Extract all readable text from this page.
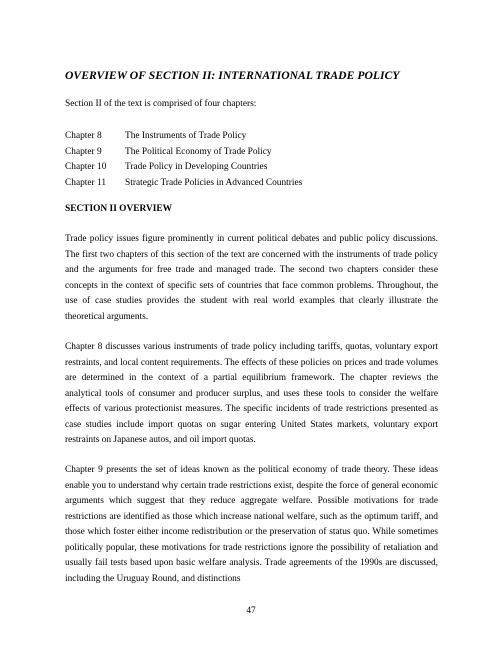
OVERVIEW OF SECTION II: INTERNATIONAL TRADE POLICY
Section II of the text is comprised of four chapters:
Chapter 8	The Instruments of Trade Policy
Chapter 9	The Political Economy of Trade Policy
Chapter 10	Trade Policy in Developing Countries
Chapter 11	Strategic Trade Policies in Advanced Countries
SECTION II OVERVIEW

Trade policy issues figure prominently in current political debates and public policy discussions. The first two chapters of this section of the text are concerned with the instruments of trade policy and the arguments for free trade and managed trade. The second two chapters consider these concepts in the context of specific sets of countries that face common problems. Throughout, the use of case studies provides the student with real world examples that clearly illustrate the theoretical arguments.

Chapter 8 discusses various instruments of trade policy including tariffs, quotas, voluntary export restraints, and local content requirements. The effects of these policies on prices and trade volumes are determined in the context of a partial equilibrium framework. The chapter reviews the analytical tools of consumer and producer surplus, and uses these tools to consider the welfare effects of various protectionist measures. The specific incidents of trade restrictions presented as case studies include import quotas on sugar entering United States markets, voluntary export restraints on Japanese autos, and oil import quotas.

Chapter 9 presents the set of ideas known as the political economy of trade theory. These ideas enable you to understand why certain trade restrictions exist, despite the force of general economic arguments which suggest that they reduce aggregate welfare. Possible motivations for trade restrictions are identified as those which increase national welfare, such as the optimum tariff, and those which foster either income redistribution or the preservation of status quo. While sometimes politically popular, these motivations for trade restrictions ignore the possibility of retaliation and usually fail tests based upon basic welfare analysis. Trade agreements of the 1990s are discussed, including the Uruguay Round, and distinctions

47
